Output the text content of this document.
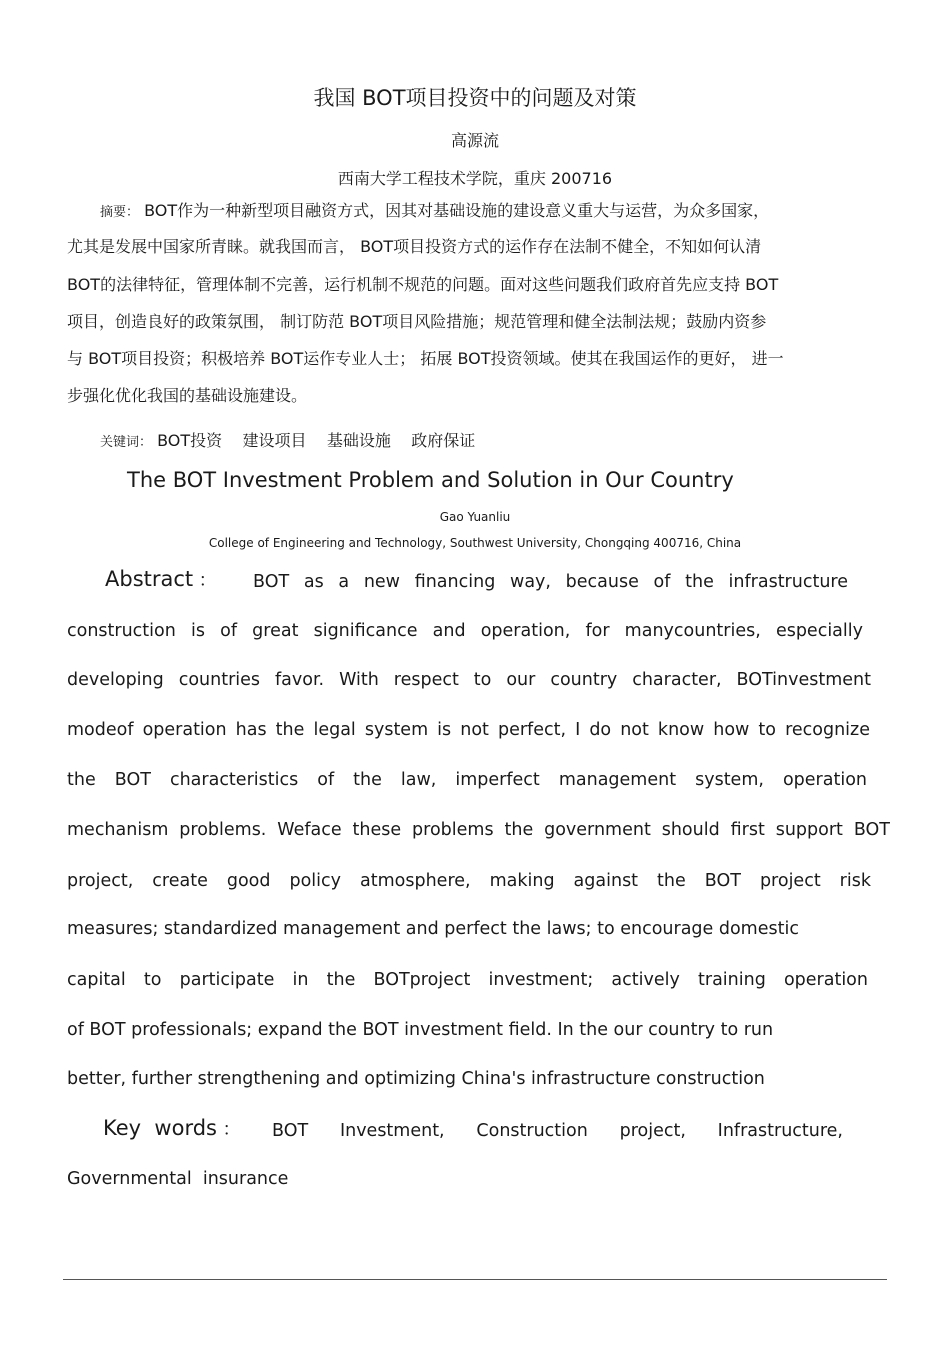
我国 BOT项目投资中的问题及对策
高源流
西南大学工程技术学院，重庆 200716
摘要： BOT作为一种新型项目融资方式，因其对基础设施的建设意义重大与运营，为众多国家，
尤其是发展中国家所青睐。就我国而言， BOT项目投资方式的运作存在法制不健全，不知如何认清
BOT的法律特征，管理体制不完善，运行机制不规范的问题。面对这些问题我们政府首先应支持 BOT
项目，创造良好的政策氛围， 制订防范 BOT项目风险措施；规范管理和健全法制法规；鼓励内资参
与 BOT项目投资；积极培养 BOT运作专业人士； 拓展 BOT投资领域。使其在我国运作的更好， 进一
步强化优化我国的基础设施建设。
关键词： BOT投资    建设项目    基础设施    政府保证
The BOT Investment Problem and Solution in Our Country
Gao Yuanliu
College of Engineering and Technology, Southwest University, Chongqing 400716, China
Abstract ： BOT as a new financing way, because of the infrastructure
construction is of great significance and operation, for manycountries, especially
developing countries favor. With respect to our country character, BOTinvestment
modeof operation has the legal system is not perfect, I do not know how to recognize
the BOT characteristics of the law, imperfect management system, operation
mechanism problems. Weface these problems the government should first support BOT
project, create good policy atmosphere, making against the BOT project risk
measures; standardized management and perfect the laws; to encourage domestic
capital to participate in the BOTproject investment; actively training operation
of BOT professionals; expand the BOT investment field. In the our country to run
better, further strengthening and optimizing China's infrastructure construction
Key  words ： BOT Investment, Construction project, Infrastructure,
Governmental  insurance
